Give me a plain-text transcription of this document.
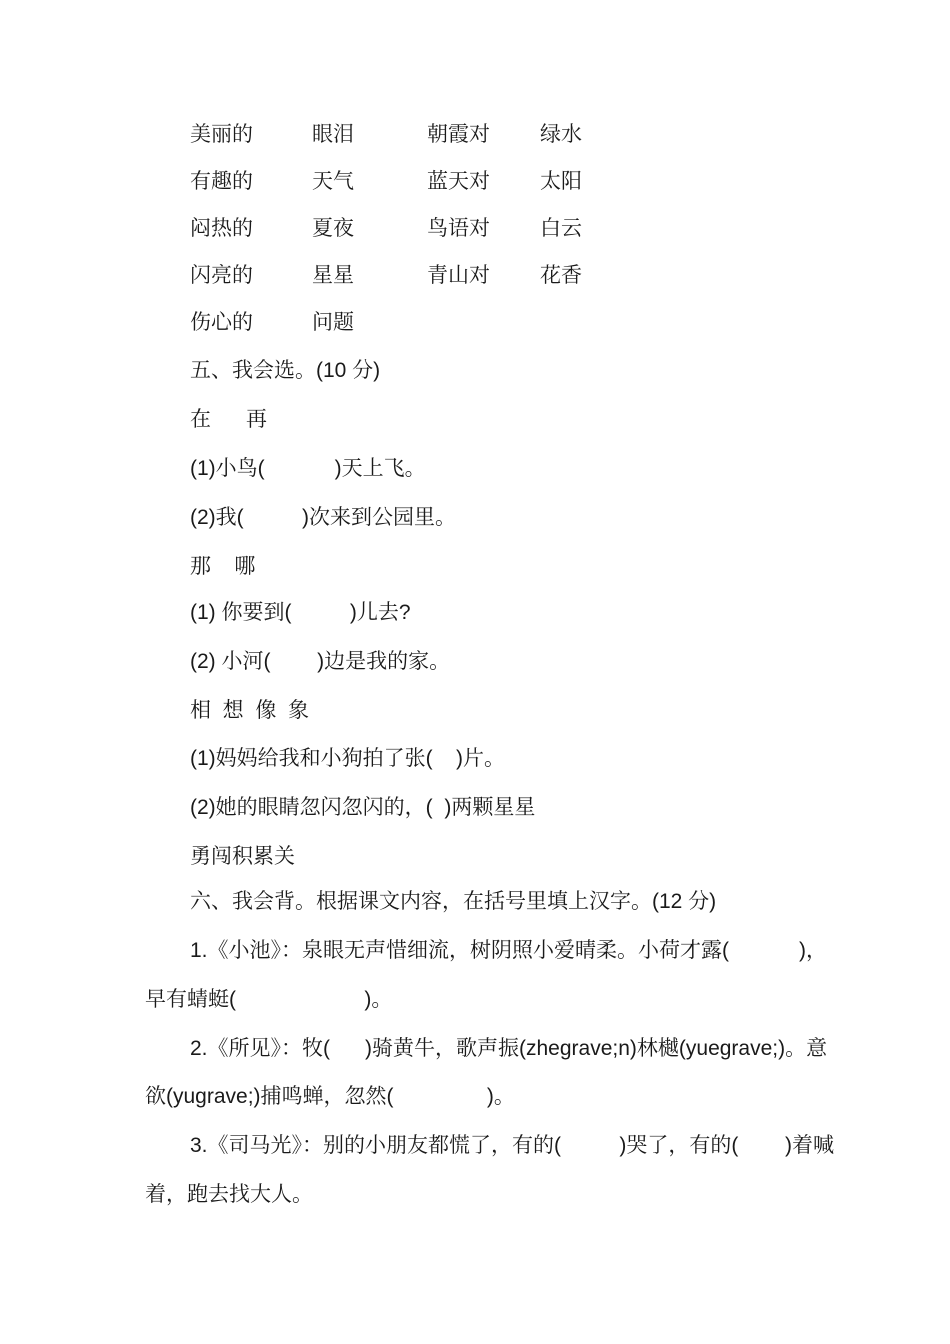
美丽的	眼泪	朝霞对 绿水
有趣的	天气	蓝天对 太阳
闷热的	夏夜	鸟语对 白云
闪亮的	星星	青山对 花香
伤心的	问题
五、我会选。(10 分)
在      再
(1)小鸟(            )天上飞。
(2)我(          )次来到公园里。
那    哪
(1) 你要到(          )儿去?
(2) 小河(        )边是我的家。
相  想  像  象
(1)妈妈给我和小狗拍了张(    )片。
(2)她的眼睛忽闪忽闪的，(  )两颗星星
勇闯积累关
六、我会背。根据课文内容，在括号里填上汉字。(12 分)
1.《小池》：泉眼无声惜细流，树阴照小爱晴柔。小荷才露(            )，
早有蜻蜓(                      )。
2.《所见》：牧(      )骑黄牛，歌声振(zhegrave;n)林樾(yuegrave;)。意
欲(yugrave;)捕鸣蝉，忽然(                )。
3.《司马光》：别的小朋友都慌了，有的(          )哭了，有的(        )着喊
着，跑去找大人。
